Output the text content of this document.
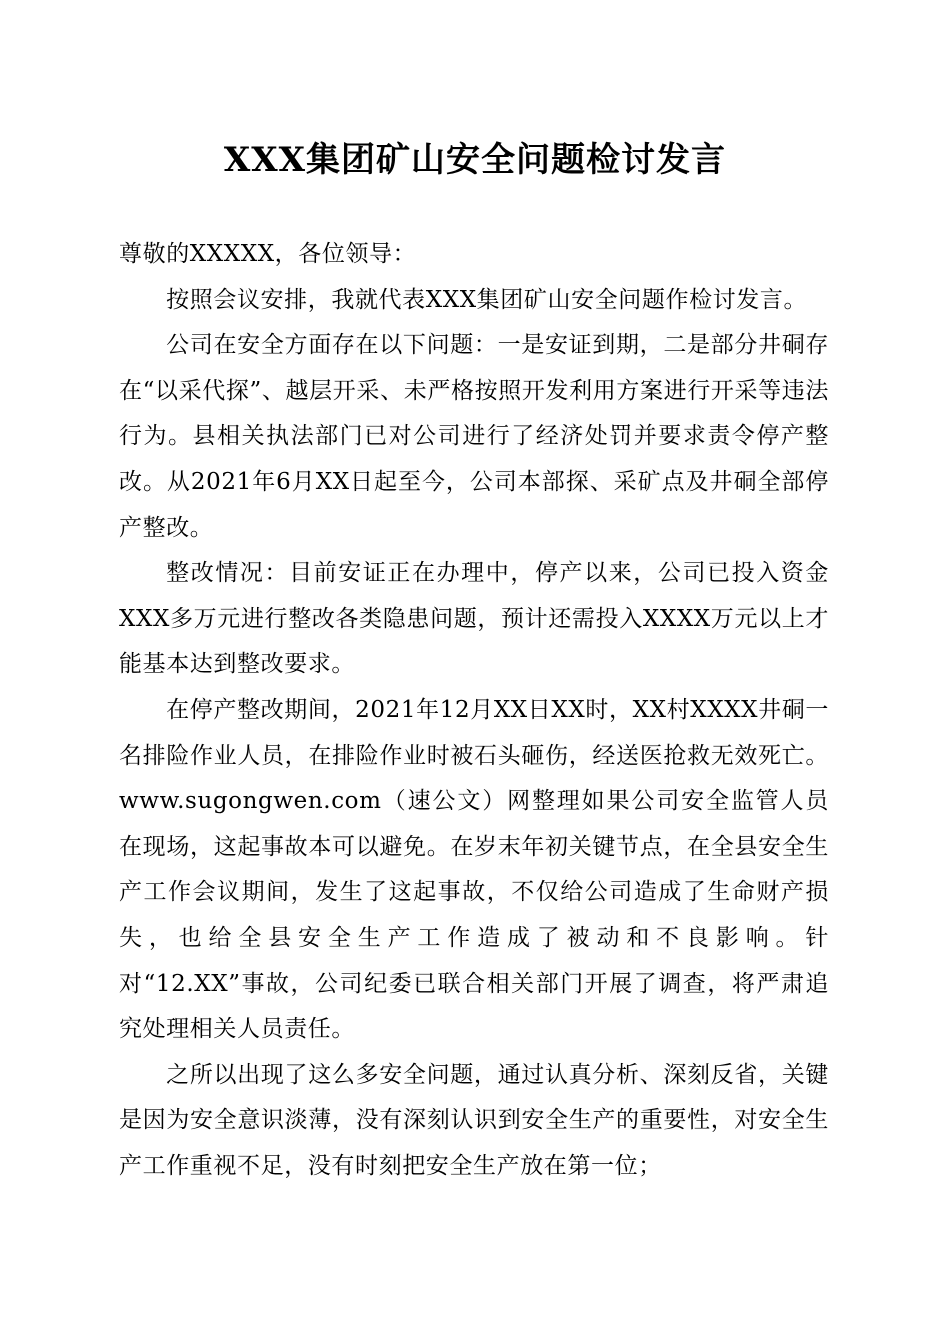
XXX集团矿山安全问题检讨发言

尊敬的XXXXX，各位领导：

按照会议安排，我就代表XXX集团矿山安全问题作检讨发言。

公司在安全方面存在以下问题：一是安证到期，二是部分井硐存在“以采代探”、越层开采、未严格按照开发利用方案进行开采等违法行为。县相关执法部门已对公司进行了经济处罚并要求责令停产整改。从2021年6月XX日起至今，公司本部探、采矿点及井硐全部停产整改。

整改情况：目前安证正在办理中，停产以来，公司已投入资金XXX多万元进行整改各类隐患问题，预计还需投入XXXX万元以上才能基本达到整改要求。

在停产整改期间，2021年12月XX日XX时，XX村XXXX井硐一名排险作业人员，在排险作业时被石头砸伤，经送医抢救无效死亡。www.sugongwen.com（速公文）网整理如果公司安全监管人员在现场，这起事故本可以避免。在岁末年初关键节点，在全县安全生产工作会议期间，发生了这起事故，不仅给公司造成了生命财产损失，也给全县安全生产工作造成了被动和不良影响。针对“12.XX”事故，公司纪委已联合相关部门开展了调查，将严肃追究处理相关人员责任。

之所以出现了这么多安全问题，通过认真分析、深刻反省，关键是因为安全意识淡薄，没有深刻认识到安全生产的重要性，对安全生产工作重视不足，没有时刻把安全生产放在第一位；
